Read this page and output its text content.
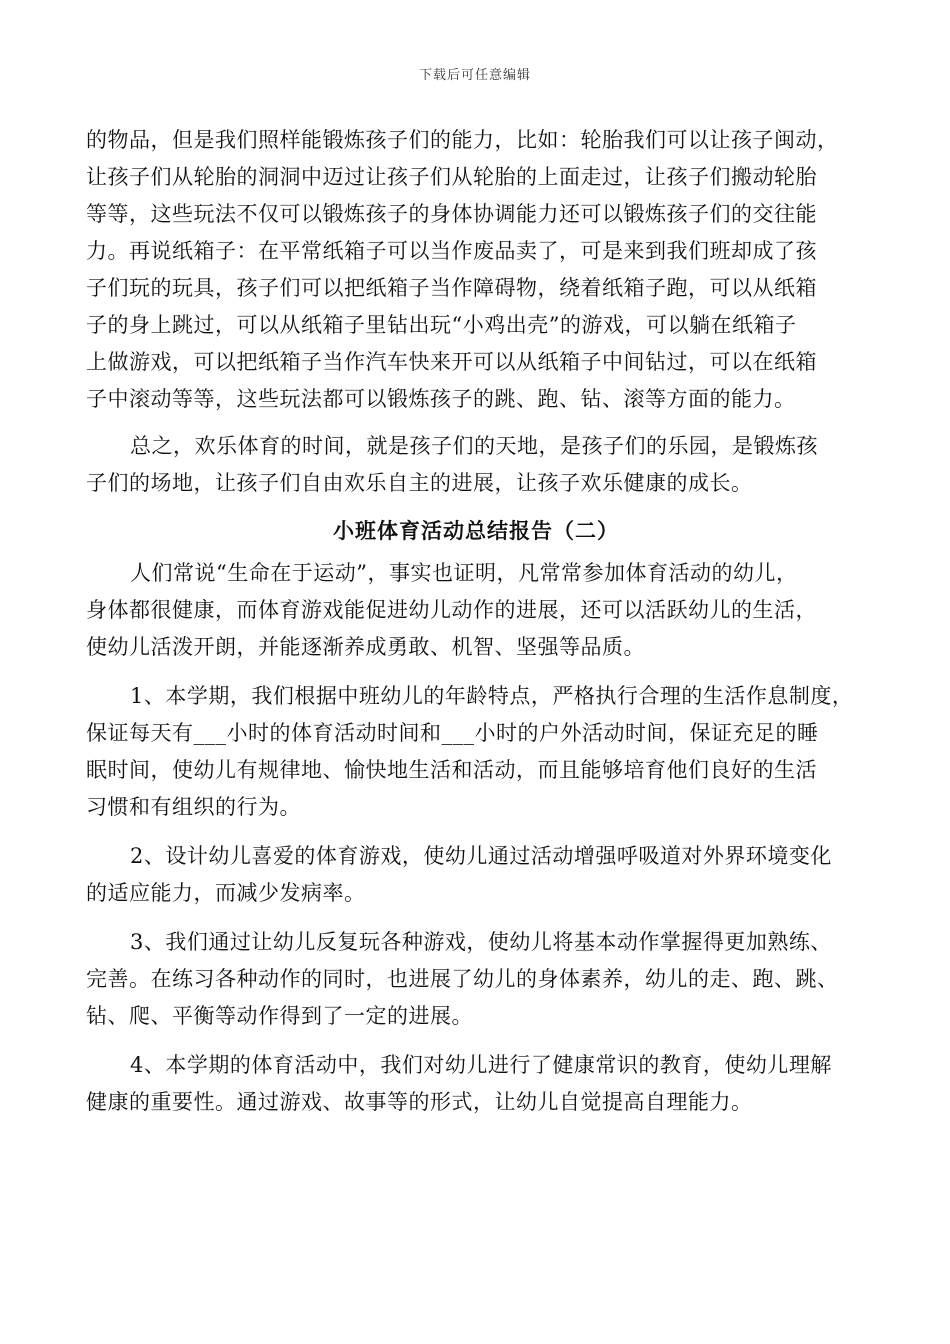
下载后可任意编辑
的物品，但是我们照样能锻炼孩子们的能力，比如：轮胎我们可以让孩子闽动，
让孩子们从轮胎的洞洞中迈过让孩子们从轮胎的上面走过，让孩子们搬动轮胎
等等，这些玩法不仅可以锻炼孩子的身体协调能力还可以锻炼孩子们的交往能
力。再说纸箱子：在平常纸箱子可以当作废品卖了，可是来到我们班却成了孩
子们玩的玩具，孩子们可以把纸箱子当作障碍物，绕着纸箱子跑，可以从纸箱
子的身上跳过，可以从纸箱子里钻出玩“小鸡出壳”的游戏，可以躺在纸箱子
上做游戏，可以把纸箱子当作汽车快来开可以从纸箱子中间钻过，可以在纸箱
子中滚动等等，这些玩法都可以锻炼孩子的跳、跑、钻、滚等方面的能力。
总之，欢乐体育的时间，就是孩子们的天地，是孩子们的乐园，是锻炼孩
子们的场地，让孩子们自由欢乐自主的进展，让孩子欢乐健康的成长。
小班体育活动总结报告（二）
人们常说“生命在于运动”，事实也证明，凡常常参加体育活动的幼儿，
身体都很健康，而体育游戏能促进幼儿动作的进展，还可以活跃幼儿的生活，
使幼儿活泼开朗，并能逐渐养成勇敢、机智、坚强等品质。
1、本学期，我们根据中班幼儿的年龄特点，严格执行合理的生活作息制度，
保证每天有___小时的体育活动时间和___小时的户外活动时间，保证充足的睡
眠时间，使幼儿有规律地、愉快地生活和活动，而且能够培育他们良好的生活
习惯和有组织的行为。
2、设计幼儿喜爱的体育游戏，使幼儿通过活动增强呼吸道对外界环境变化
的适应能力，而减少发病率。
3、我们通过让幼儿反复玩各种游戏，使幼儿将基本动作掌握得更加熟练、
完善。在练习各种动作的同时，也进展了幼儿的身体素养，幼儿的走、跑、跳、
钻、爬、平衡等动作得到了一定的进展。
4、本学期的体育活动中，我们对幼儿进行了健康常识的教育，使幼儿理解
健康的重要性。通过游戏、故事等的形式，让幼儿自觉提高自理能力。
